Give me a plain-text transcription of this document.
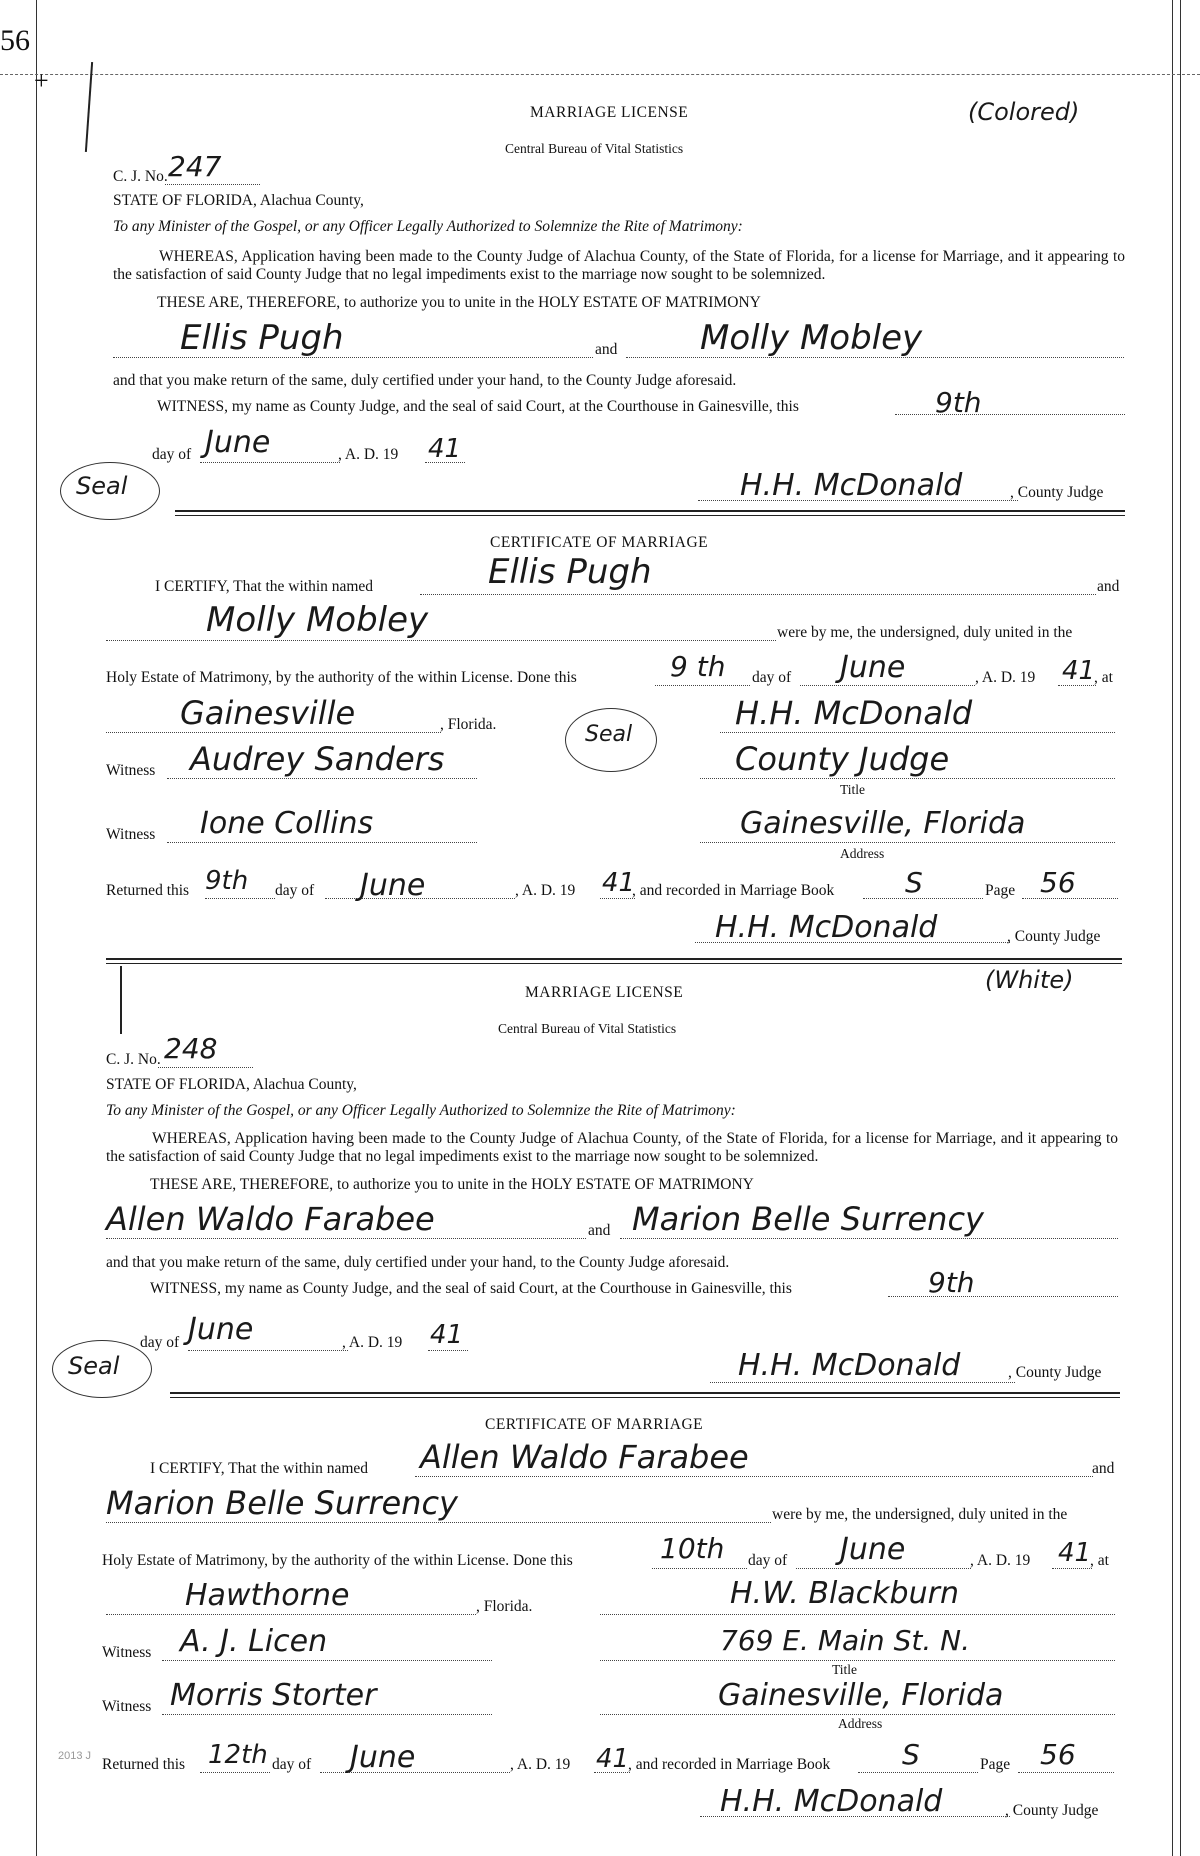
56
+
MARRIAGE LICENSE	(Colored)
Central Bureau of Vital Statistics
C. J. No. 247
STATE OF FLORIDA, Alachua County,
To any Minister of the Gospel, or any Officer Legally Authorized to Solemnize the Rite of Matrimony:
WHEREAS, Application having been made to the County Judge of Alachua County, of the State of Florida, for a license for Marriage, and it appearing to the satisfaction of said County Judge that no legal impediments exist to the marriage now sought to be solemnized.
THESE ARE, THEREFORE, to authorize you to unite in the HOLY ESTATE OF MATRIMONY
Ellis Pugh	and Molly Mobley
and that you make return of the same, duly certified under your hand, to the County Judge aforesaid.
WITNESS, my name as County Judge, and the seal of said Court, at the Courthouse in Gainesville, this	9th
day of June	, A. D. 19 41
Seal	H.H. McDonald	, County Judge
CERTIFICATE OF MARRIAGE
I CERTIFY, That the within named	Ellis Pugh	and
Molly Mobley	were by me, the undersigned, duly united in the
Holy Estate of Matrimony, by the authority of the within License. Done this	9 th day of June	, A. D. 19 41
, at
Gainesville	, Florida.	Seal
H.H. McDonald
Witness Audrey Sanders	County Judge
Title
Witness Ione Collins	Gainesville, Florida
Address
Returned this 9th day of June	, A. D. 19 41
, and recorded in Marriage Book	S	Page 56
H.H. McDonald	, County Judge
MARRIAGE LICENSE	(White)
Central Bureau of Vital Statistics
C. J. No. 248
STATE OF FLORIDA, Alachua County,
To any Minister of the Gospel, or any Officer Legally Authorized to Solemnize the Rite of Matrimony:
WHEREAS, Application having been made to the County Judge of Alachua County, of the State of Florida, for a license for Marriage, and it appearing to the satisfaction of said County Judge that no legal impediments exist to the marriage now sought to be solemnized.
THESE ARE, THEREFORE, to authorize you to unite in the HOLY ESTATE OF MATRIMONY
Allen Waldo Farabee	and Marion Belle Surrency
and that you make return of the same, duly certified under your hand, to the County Judge aforesaid.
WITNESS, my name as County Judge, and the seal of said Court, at the Courthouse in Gainesville, this	9th
day of June	, A. D. 19 41
Seal	H.H. McDonald	, County Judge
CERTIFICATE OF MARRIAGE
I CERTIFY, That the within named Allen Waldo Farabee	and
Marion Belle Surrency	were by me, the undersigned, duly united in the
Holy Estate of Matrimony, by the authority of the within License. Done this	10th day of June	, A. D. 19 41
, at
Hawthorne	, Florida.	H.W. Blackburn
Witness A. J. Licen	769 E. Main St. N.
Title
Witness Morris Storter	Gainesville, Florida
Address
2013 J Returned this 12th day of June	, A. D. 19 41
, and recorded in Marriage Book	S	Page 56
H.H. McDonald	, County Judge
